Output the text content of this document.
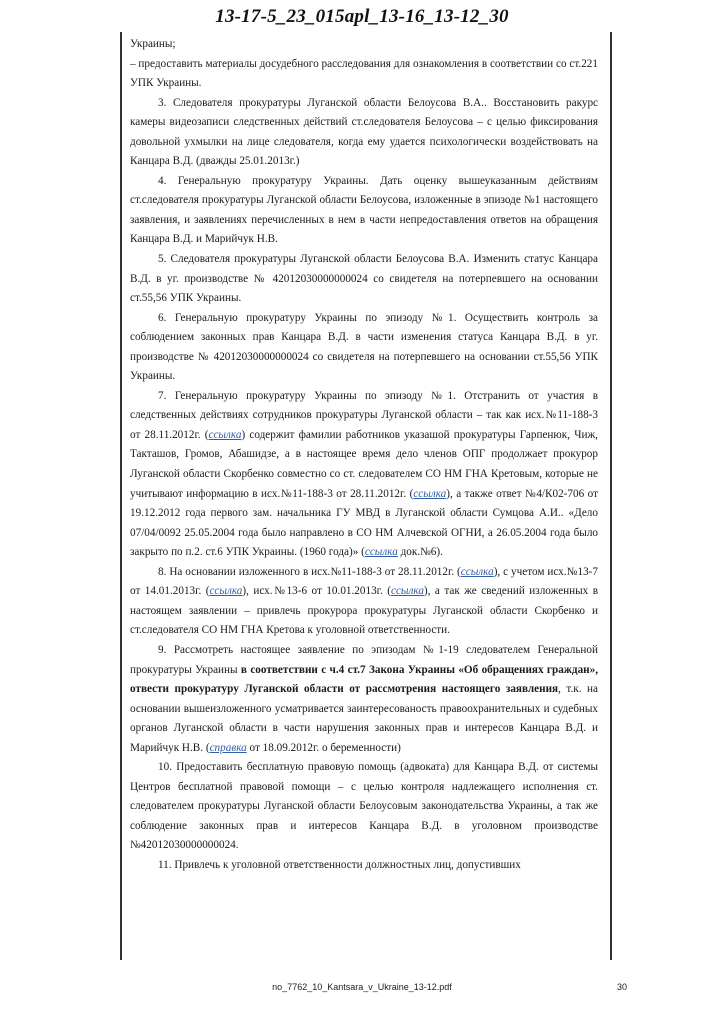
13-17-5_23_015apl_13-16_13-12_30

Украины;

– предоставить материалы досудебного расследования для ознакомления в соответствии со ст.221 УПК Украины.

3. Следователя прокуратуры Луганской области Белоусова В.А.. Восстановить ракурс камеры видеозаписи следственных действий ст.следователя Белоусова – с целью фиксирования довольной ухмылки на лице следователя, когда ему удается психологически воздействовать на Канцара В.Д. (дважды 25.01.2013г.)

4. Генеральную прокуратуру Украины. Дать оценку вышеуказанным действиям ст.следователя прокуратуры Луганской области Белоусова, изложенные в эпизоде №1 настоящего заявления, и заявлениях перечисленных в нем в части непредоставления ответов на обращения Канцара В.Д. и Марийчук Н.В.

5. Следователя прокуратуры Луганской области Белоусова В.А. Изменить статус Канцара В.Д. в уг. производстве № 42012030000000024 со свидетеля на потерпевшего на основании ст.55,56 УПК Украины.

6. Генеральную прокуратуру Украины по эпизоду №1. Осуществить контроль за соблюдением законных прав Канцара В.Д. в части изменения статуса Канцара В.Д. в уг. производстве № 42012030000000024 со свидетеля на потерпевшего на основании ст.55,56 УПК Украины.

7. Генеральную прокуратуру Украины по эпизоду №1. Отстранить от участия в следственных действиях сотрудников прокуратуры Луганской области – так как исх.№11-188-3 от 28.11.2012г. (ссылка) содержит фамилии работников указашой прокуратуры Гарпенюк, Чиж, Такташов, Громов, Абашидзе, а в настоящее время дело членов ОПГ продолжает прокурор Луганской области Скорбенко совместно со ст. следователем СО НМ ГНА Кретовым, которые не учитывают информацию в исх.№11-188-3 от 28.11.2012г. (ссылка), а также ответ №4/К02-706 от 19.12.2012 года первого зам. начальника ГУ МВД в Луганской области Сумцова А.И.. «Дело 07/04/0092 25.05.2004 года было направлено в СО НМ Алчевской ОГНИ, а 26.05.2004 года было закрыто по п.2. ст.6 УПК Украины. (1960 года)» (ссылка док.№6).

8. На основании изложенного в исх.№11-188-3 от 28.11.2012г. (ссылка), с учетом исх.№13-7 от 14.01.2013г. (ссылка), исх.№13-6 от 10.01.2013г. (ссылка), а так же сведений изложенных в настоящем заявлении – привлечь прокурора прокуратуры Луганской области Скорбенко и ст.следователя СО НМ ГНА Кретова к уголовной ответственности.

9. Рассмотреть настоящее заявление по эпизодам №1-19 следователем Генеральной прокуратуры Украины в соответствии с ч.4 ст.7 Закона Украины «Об обращениях граждан», отвести прокуратуру Луганской области от рассмотрения настоящего заявления, т.к. на основании вышеизложенного усматривается заинтересованость правоохранительных и судебных органов Луганской области в части нарушения законных прав и интересов Канцара В.Д. и Марийчук Н.В. (справка от 18.09.2012г. о беременности)

10. Предоставить бесплатную правовую помощь (адвоката) для Канцара В.Д. от системы Центров бесплатной правовой помощи – с целью контроля надлежащего исполнения ст. следователем прокуратуры Луганской области Белоусовым законодательства Украины, а так же соблюдение законных прав и интересов Канцара В.Д. в уголовном производстве №42012030000000024.

11. Привлечь к уголовной ответственности должностных лиц, допустивших

no_7762_10_Kantsara_v_Ukraine_13-12.pdf	30
